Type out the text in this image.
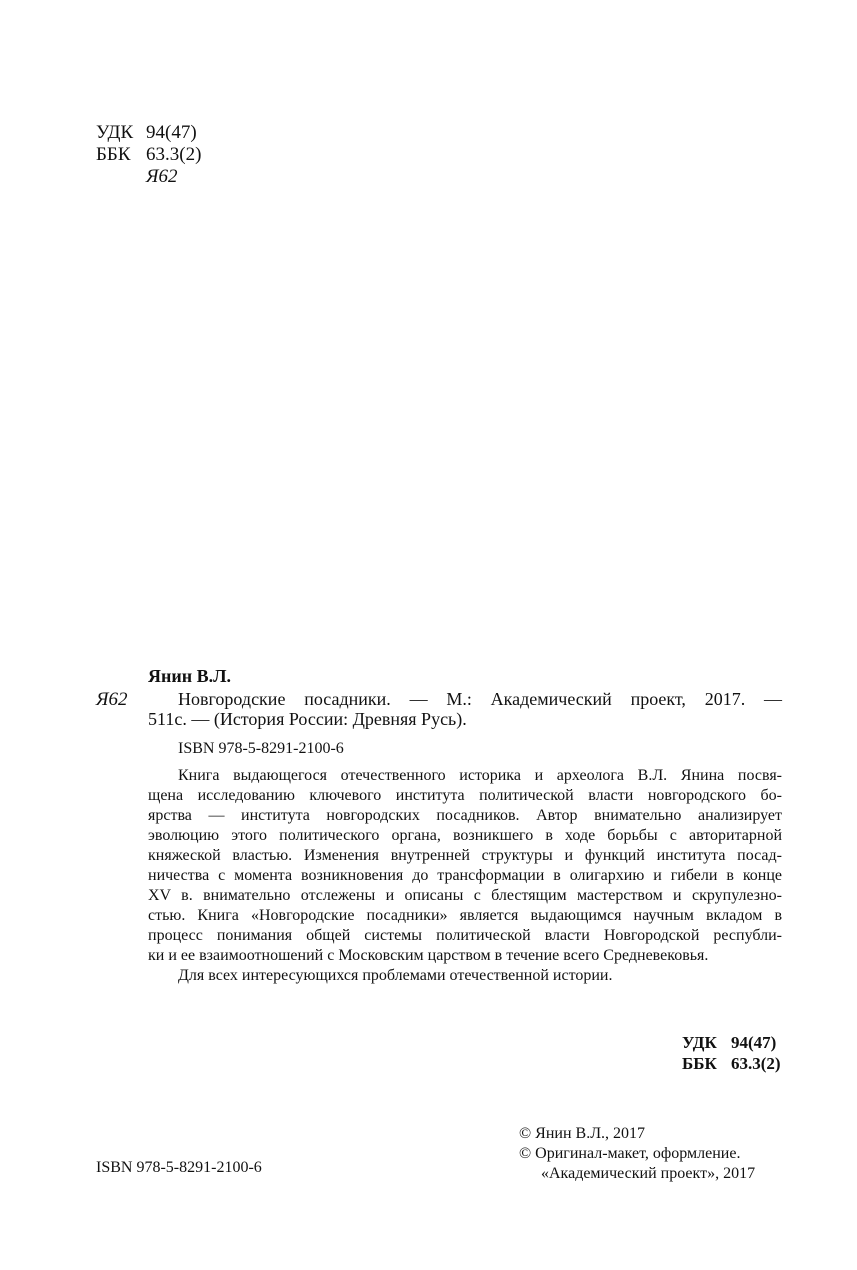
УДК 94(47)
ББК 63.3(2)
Я62
Янин В.Л.
Я62	Новгородские посадники. — М.: Академический проект, 2017. —
511с. — (История России: Древняя Русь).
ISBN 978-5-8291-2100-6
Книга выдающегося отечественного историка и археолога В.Л. Янина посвя-
щена исследованию ключевого института политической власти новгородского бо-
ярства — института новгородских посадников. Автор внимательно анализирует
эволюцию этого политического органа, возникшего в ходе борьбы с авторитарной
княжеской властью. Изменения внутренней структуры и функций института посад-
ничества с момента возникновения до трансформации в олигархию и гибели в конце
XV в. внимательно отслежены и описаны с блестящим мастерством и скрупулезно-
стью. Книга «Новгородские посадники» является выдающимся научным вкладом в
процесс понимания общей системы политической власти Новгородской республи-
ки и ее взаимоотношений с Московским царством в течение всего Средневековья.
Для всех интересующихся проблемами отечественной истории.
УДК 94(47)
ББК 63.3(2)
© Янин В.Л., 2017
© Оригинал-макет, оформление.
«Академический проект», 2017
ISBN 978-5-8291-2100-6
